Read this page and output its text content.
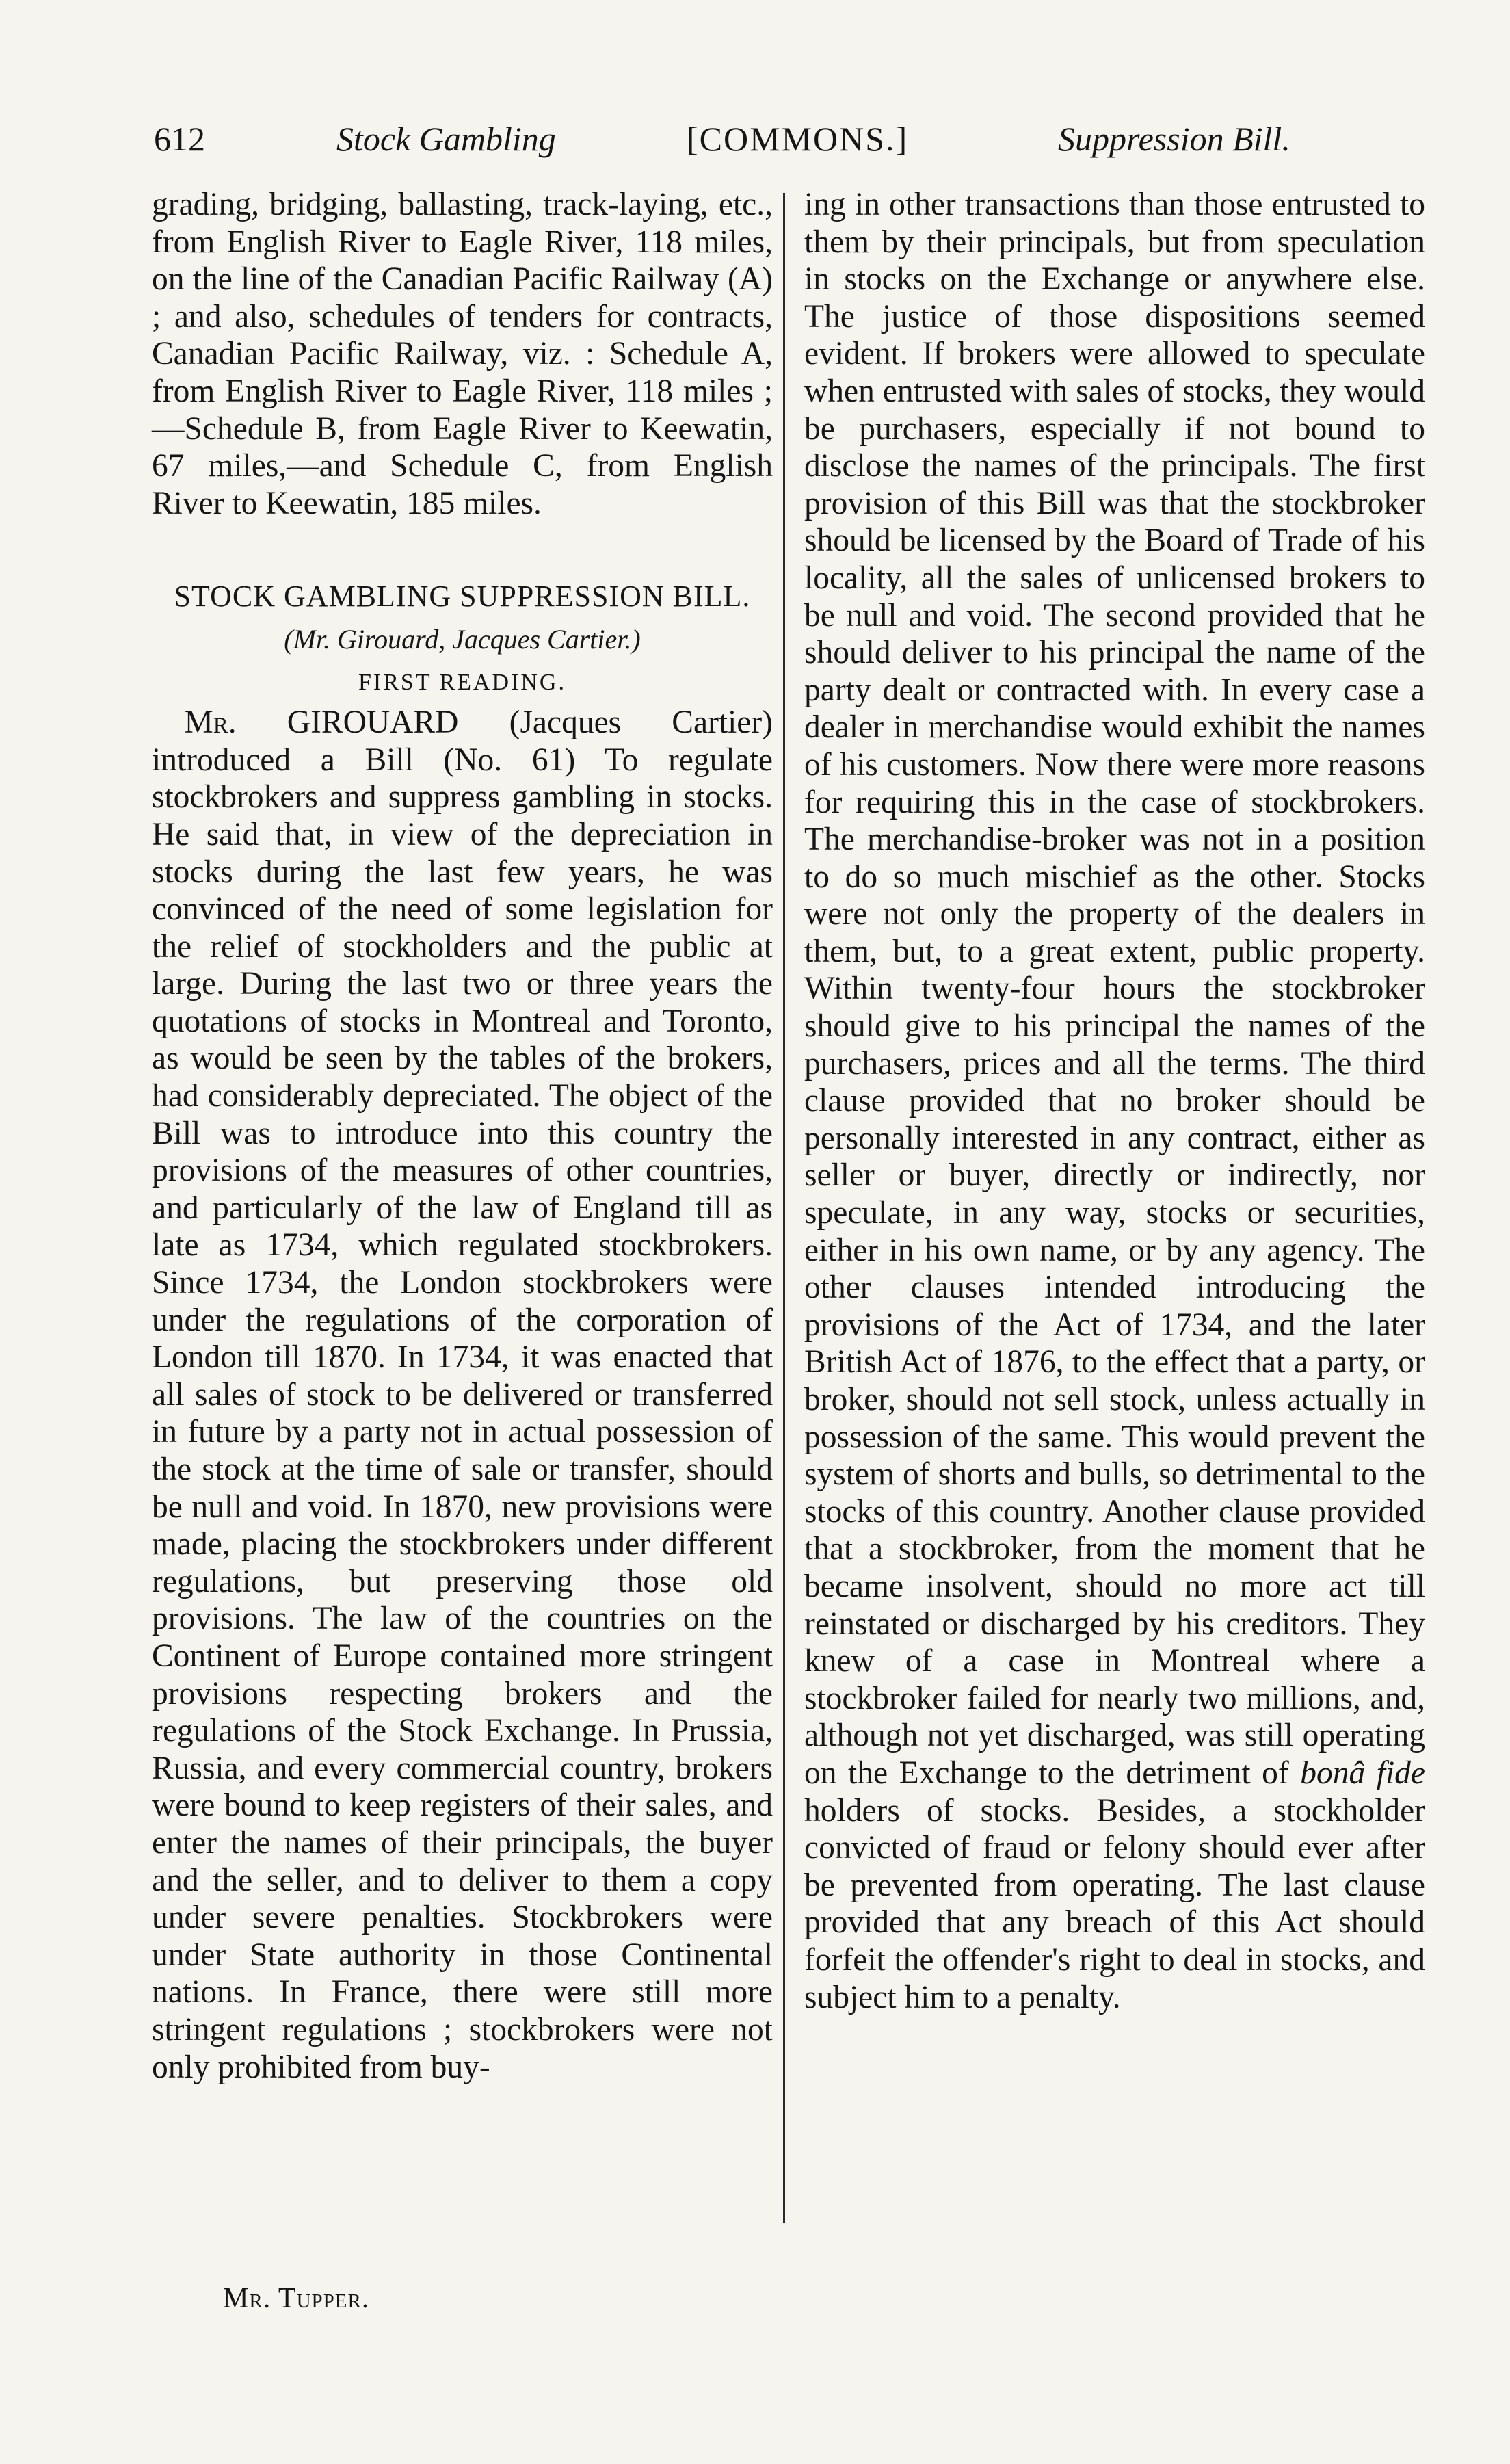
612	Stock Gambling	[COMMONS.]	Suppression Bill.

grading, bridging, ballasting, track-laying, etc., from English River to Eagle River, 118 miles, on the line of the Canadian Pacific Railway (A) ; and also, schedules of tenders for contracts, Canadian Pacific Railway, viz. : Schedule A, from English River to Eagle River, 118 miles ;—Schedule B, from Eagle River to Keewatin, 67 miles,—and Schedule C, from English River to Keewatin, 185 miles.

STOCK GAMBLING SUPPRESSION BILL.

(Mr. Girouard, Jacques Cartier.)

FIRST READING.

 Mr. GIROUARD (Jacques Cartier) introduced a Bill (No. 61) To regulate stockbrokers and suppress gambling in stocks. He said that, in view of the depreciation in stocks during the last few years, he was convinced of the need of some legislation for the relief of stockholders and the public at large. During the last two or three years the quotations of stocks in Montreal and Toronto, as would be seen by the tables of the brokers, had considerably depreciated. The object of the Bill was to introduce into this country the provisions of the measures of other countries, and particularly of the law of England till as late as 1734, which regulated stockbrokers. Since 1734, the London stockbrokers were under the regulations of the corporation of London till 1870. In 1734, it was enacted that all sales of stock to be delivered or transferred in future by a party not in actual possession of the stock at the time of sale or transfer, should be null and void. In 1870, new provisions were made, placing the stockbrokers under different regulations, but preserving those old provisions. The law of the countries on the Continent of Europe contained more stringent provisions respecting brokers and the regulations of the Stock Exchange. In Prussia, Russia, and every commercial country, brokers were bound to keep registers of their sales, and enter the names of their principals, the buyer and the seller, and to deliver to them a copy under severe penalties. Stockbrokers were under State authority in those Continental nations. In France, there were still more stringent regulations ; stockbrokers were not only prohibited from buy-

ing in other transactions than those entrusted to them by their principals, but from speculation in stocks on the Exchange or anywhere else. The justice of those dispositions seemed evident. If brokers were allowed to speculate when entrusted with sales of stocks, they would be purchasers, especially if not bound to disclose the names of the principals. The first provision of this Bill was that the stockbroker should be licensed by the Board of Trade of his locality, all the sales of unlicensed brokers to be null and void. The second provided that he should deliver to his principal the name of the party dealt or contracted with. In every case a dealer in merchandise would exhibit the names of his customers. Now there were more reasons for requiring this in the case of stockbrokers. The merchandise-broker was not in a position to do so much mischief as the other. Stocks were not only the property of the dealers in them, but, to a great extent, public property. Within twenty-four hours the stockbroker should give to his principal the names of the purchasers, prices and all the terms. The third clause provided that no broker should be personally interested in any contract, either as seller or buyer, directly or indirectly, nor speculate, in any way, stocks or securities, either in his own name, or by any agency. The other clauses intended introducing the provisions of the Act of 1734, and the later British Act of 1876, to the effect that a party, or broker, should not sell stock, unless actually in possession of the same. This would prevent the system of shorts and bulls, so detrimental to the stocks of this country. Another clause provided that a stockbroker, from the moment that he became insolvent, should no more act till reinstated or discharged by his creditors. They knew of a case in Montreal where a stockbroker failed for nearly two millions, and, although not yet discharged, was still operating on the Exchange to the detriment of bonâ fide holders of stocks. Besides, a stockholder convicted of fraud or felony should ever after be prevented from operating. The last clause provided that any breach of this Act should forfeit the offender's right to deal in stocks, and subject him to a penalty.

Mr. Tupper.
